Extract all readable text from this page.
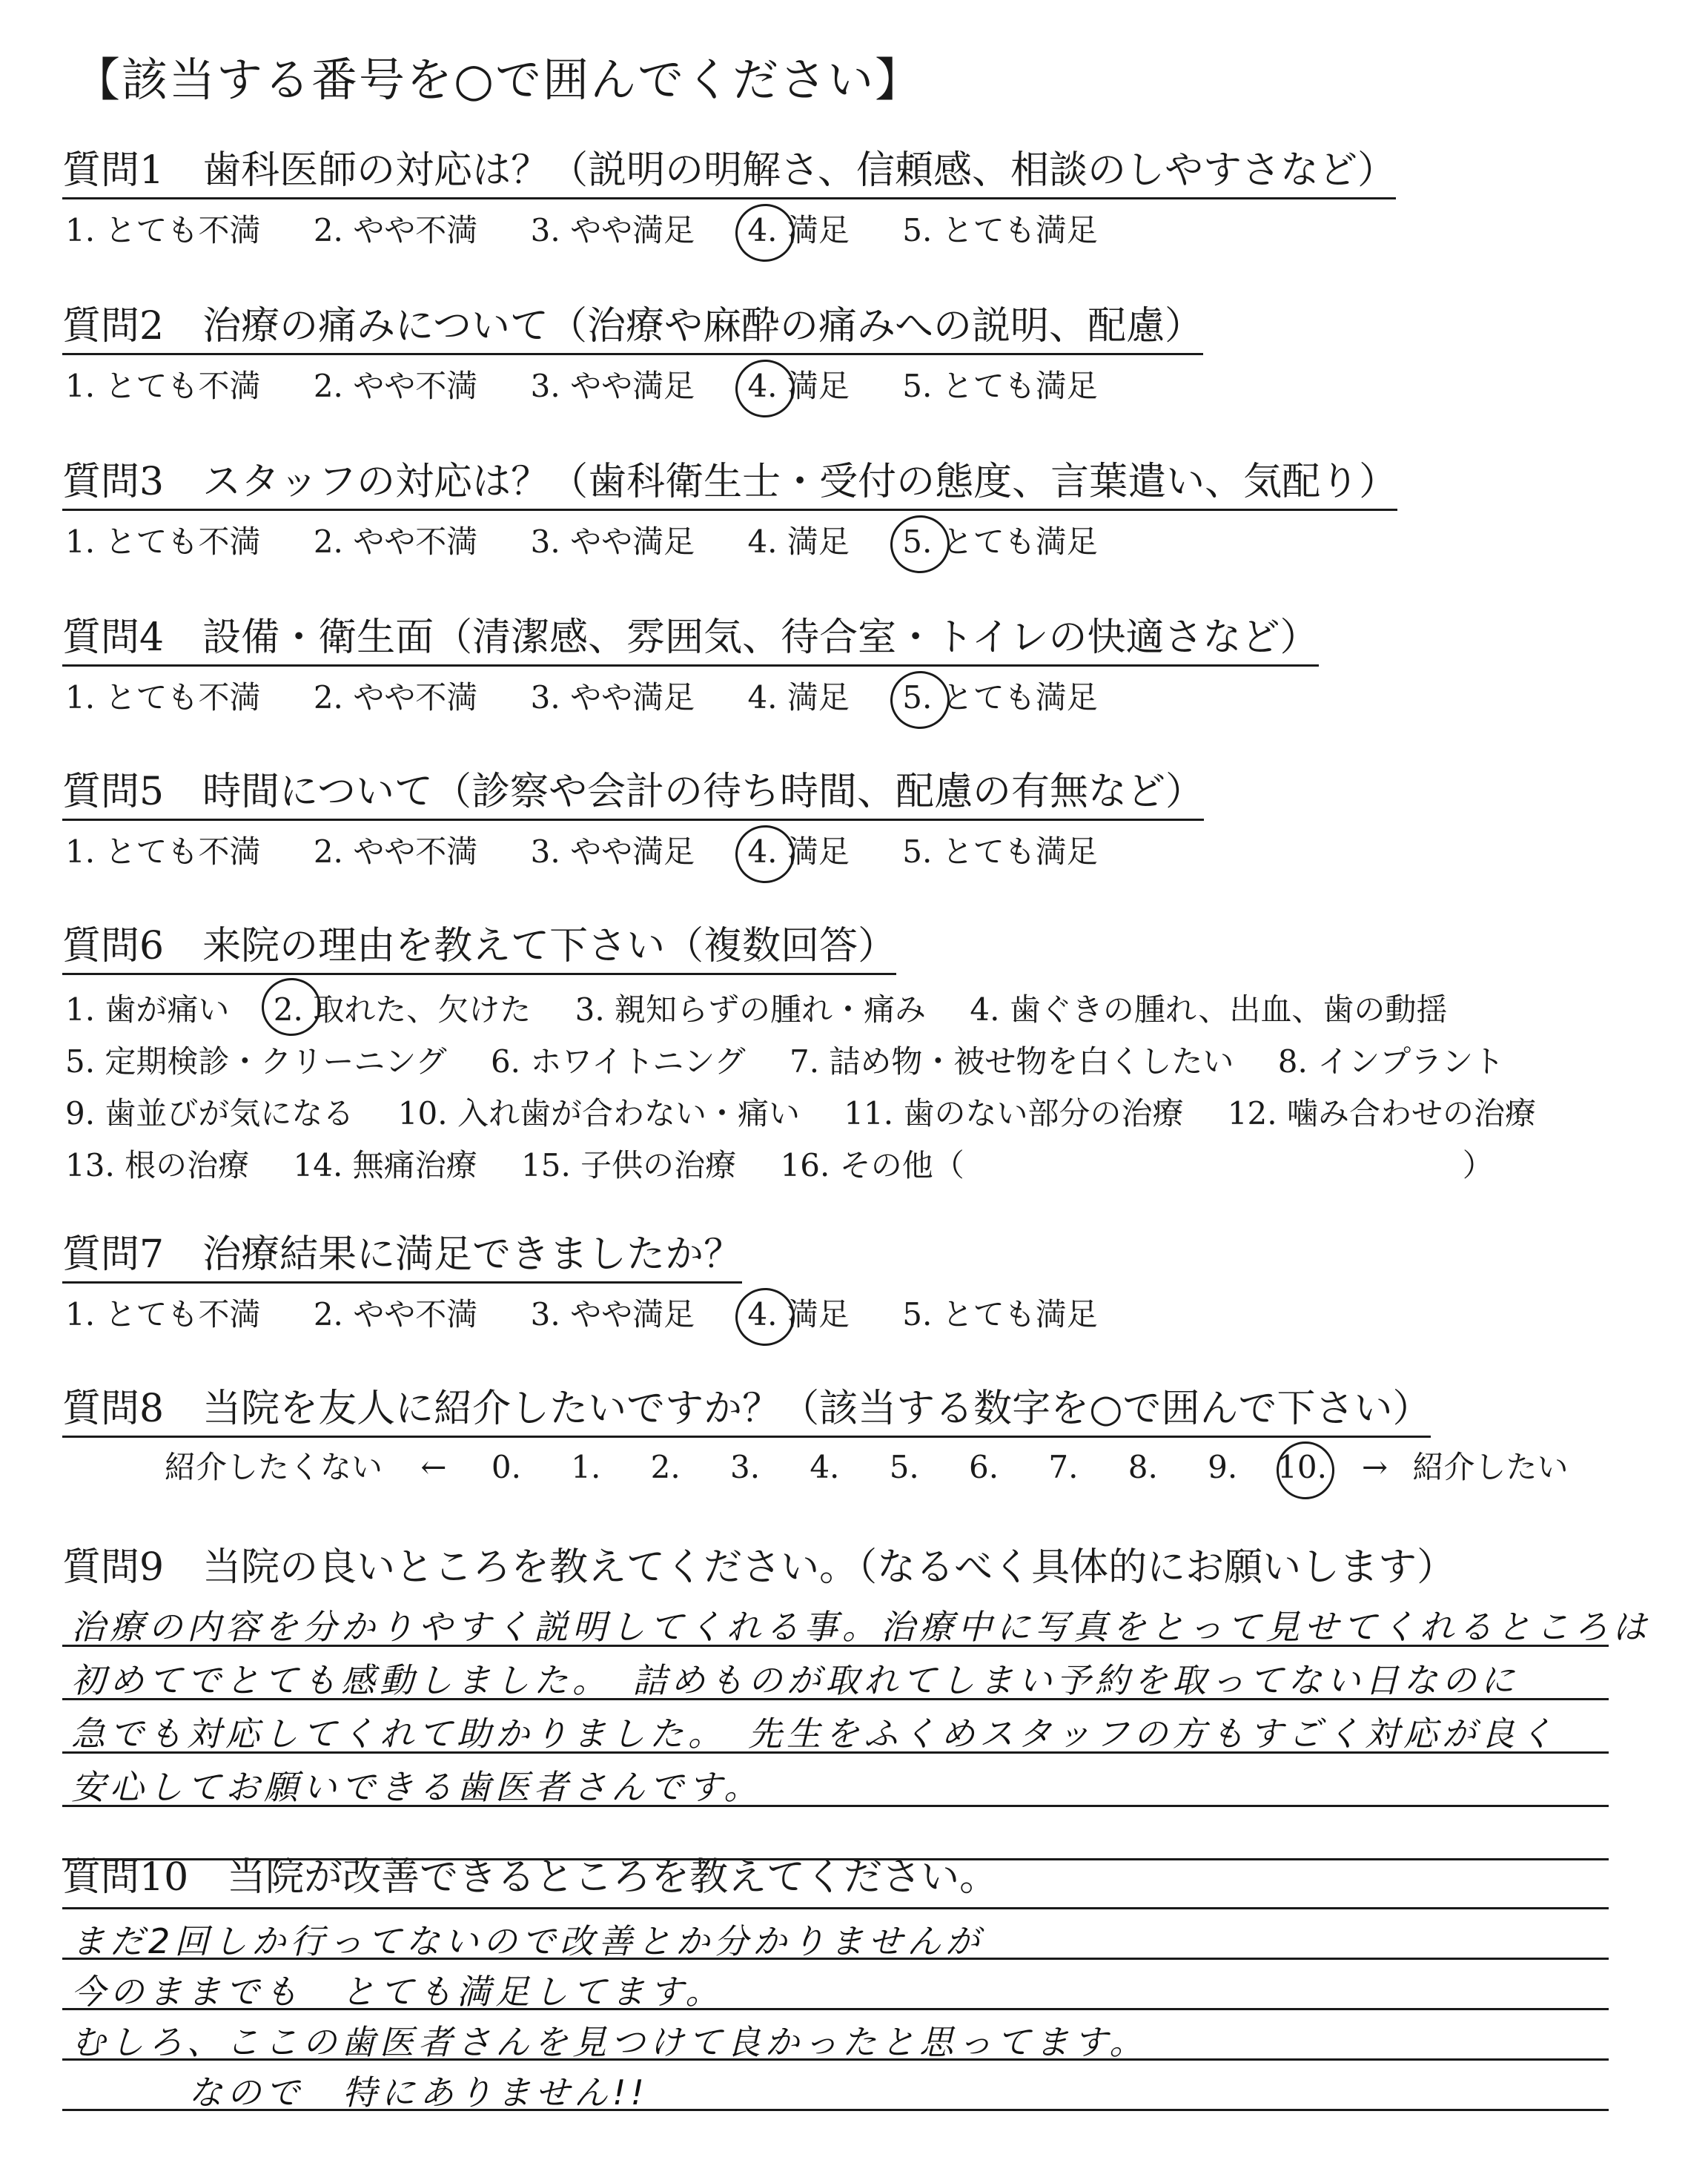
【該当する番号を○で囲んでください】
質問1　歯科医師の対応は？（説明の明解さ、信頼感、相談のしやすさなど）
1. とても不満 2. やや不満 3. やや満足 4. 満足 5. とても満足
質問2　治療の痛みについて（治療や麻酔の痛みへの説明、配慮）
1. とても不満 2. やや不満 3. やや満足 4. 満足 5. とても満足
質問3　スタッフの対応は？（歯科衛生士・受付の態度、言葉遣い、気配り）
1. とても不満 2. やや不満 3. やや満足 4. 満足 5. とても満足
質問4　設備・衛生面（清潔感、雰囲気、待合室・トイレの快適さなど）
1. とても不満 2. やや不満 3. やや満足 4. 満足 5. とても満足
質問5　時間について（診察や会計の待ち時間、配慮の有無など）
1. とても不満 2. やや不満 3. やや満足 4. 満足 5. とても満足
質問6　来院の理由を教えて下さい（複数回答）
1. 歯が痛い 2. 取れた、欠けた 3. 親知らずの腫れ・痛み 4. 歯ぐきの腫れ、出血、歯の動揺
5. 定期検診・クリーニング 6. ホワイトニング 7. 詰め物・被せ物を白くしたい 8. インプラント
9. 歯並びが気になる 10. 入れ歯が合わない・痛い 11. 歯のない部分の治療 12. 噛み合わせの治療
13. 根の治療 14. 無痛治療 15. 子供の治療 16. その他（　　　　　　　　　　　　　　　　）
質問7　治療結果に満足できましたか？
1. とても不満 2. やや不満 3. やや満足 4. 満足 5. とても満足
質問8　当院を友人に紹介したいですか？（該当する数字を○で囲んで下さい）
紹介したくない ← 0. 1. 2. 3. 4. 5. 6. 7. 8. 9. 10. → 紹介したい
質問9　当院の良いところを教えてください。（なるべく具体的にお願いします）
治療の内容を分かりやすく説明してくれる事。治療中に写真をとって見せてくれるところは
初めてでとても感動しました。　詰めものが取れてしまい予約を取ってない日なのに
急でも対応してくれて助かりました。　先生をふくめスタッフの方もすごく対応が良く
安心してお願いできる歯医者さんです。
質問10　当院が改善できるところを教えてください。
まだ2回しか行ってないので改善とか分かりませんが
今のままでも　とても満足してます。
むしろ、ここの歯医者さんを見つけて良かったと思ってます。
なので　特にありません!!
